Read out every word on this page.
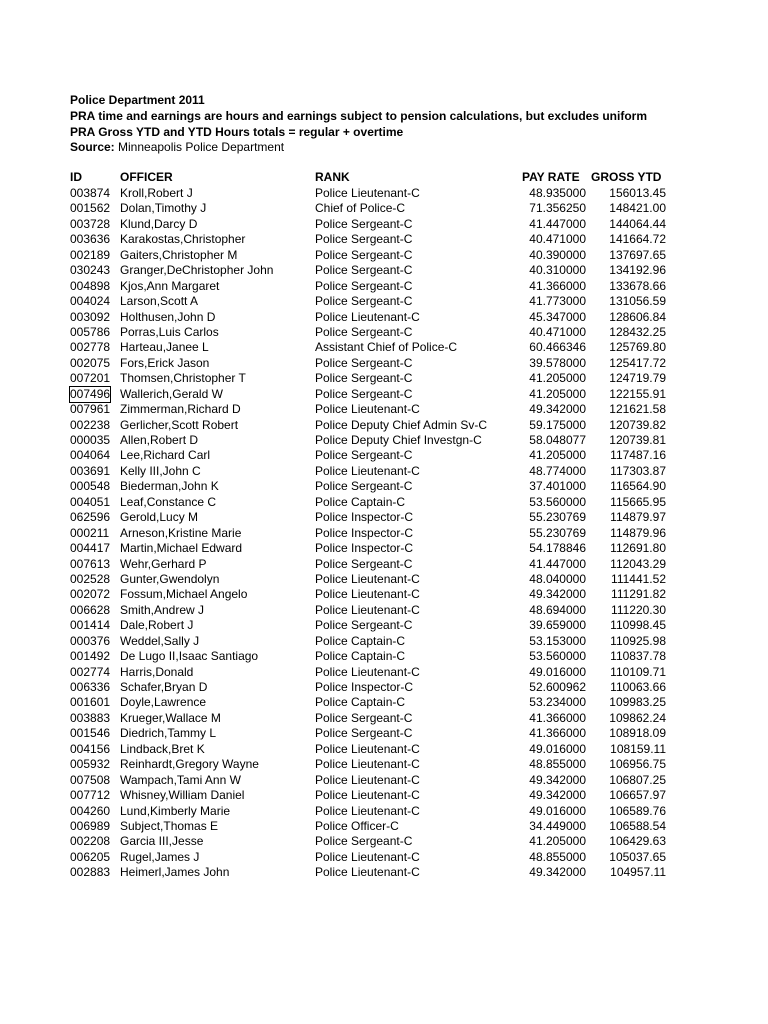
Police Department 2011
PRA time and earnings are hours and earnings subject to pension calculations, but excludes uniform
PRA Gross YTD and YTD Hours totals = regular + overtime
Source: Minneapolis Police Department
ID	OFFICER	RANK	PAY RATE GROSS YTD
003874 Kroll,Robert J	Police Lieutenant-C	48.935000	156013.45
001562 Dolan,Timothy J	Chief of Police-C	71.356250	148421.00
003728 Klund,Darcy D	Police Sergeant-C	41.447000	144064.44
003636 Karakostas,Christopher	Police Sergeant-C	40.471000	141664.72
002189 Gaiters,Christopher M	Police Sergeant-C	40.390000	137697.65
030243 Granger,DeChristopher John	Police Sergeant-C	40.310000	134192.96
004898 Kjos,Ann Margaret	Police Sergeant-C	41.366000	133678.66
004024 Larson,Scott A	Police Sergeant-C	41.773000	131056.59
003092 Holthusen,John D	Police Lieutenant-C	45.347000	128606.84
005786 Porras,Luis Carlos	Police Sergeant-C	40.471000	128432.25
002778 Harteau,Janee L	Assistant Chief of Police-C	60.466346	125769.80
002075 Fors,Erick Jason	Police Sergeant-C	39.578000	125417.72
007201 Thomsen,Christopher T	Police Sergeant-C	41.205000	124719.79
007496 Wallerich,Gerald W	Police Sergeant-C	41.205000	122155.91
007961 Zimmerman,Richard D	Police Lieutenant-C	49.342000	121621.58
002238 Gerlicher,Scott Robert	Police Deputy Chief Admin Sv-C	59.175000	120739.82
000035 Allen,Robert D	Police Deputy Chief Investgn-C	58.048077	120739.81
004064 Lee,Richard Carl	Police Sergeant-C	41.205000	117487.16
003691 Kelly III,John C	Police Lieutenant-C	48.774000	117303.87
000548 Biederman,John K	Police Sergeant-C	37.401000	116564.90
004051 Leaf,Constance C	Police Captain-C	53.560000	115665.95
062596 Gerold,Lucy M	Police Inspector-C	55.230769	114879.97
000211 Arneson,Kristine Marie	Police Inspector-C	55.230769	114879.96
004417 Martin,Michael Edward	Police Inspector-C	54.178846	112691.80
007613 Wehr,Gerhard P	Police Sergeant-C	41.447000	112043.29
002528 Gunter,Gwendolyn	Police Lieutenant-C	48.040000	111441.52
002072 Fossum,Michael Angelo	Police Lieutenant-C	49.342000	111291.82
006628 Smith,Andrew J	Police Lieutenant-C	48.694000	111220.30
001414 Dale,Robert J	Police Sergeant-C	39.659000	110998.45
000376 Weddel,Sally J	Police Captain-C	53.153000	110925.98
001492 De Lugo II,Isaac Santiago	Police Captain-C	53.560000	110837.78
002774 Harris,Donald	Police Lieutenant-C	49.016000	110109.71
006336 Schafer,Bryan D	Police Inspector-C	52.600962	110063.66
001601 Doyle,Lawrence	Police Captain-C	53.234000	109983.25
003883 Krueger,Wallace M	Police Sergeant-C	41.366000	109862.24
001546 Diedrich,Tammy L	Police Sergeant-C	41.366000	108918.09
004156 Lindback,Bret K	Police Lieutenant-C	49.016000	108159.11
005932 Reinhardt,Gregory Wayne	Police Lieutenant-C	48.855000	106956.75
007508 Wampach,Tami Ann W	Police Lieutenant-C	49.342000	106807.25
007712 Whisney,William Daniel	Police Lieutenant-C	49.342000	106657.97
004260 Lund,Kimberly Marie	Police Lieutenant-C	49.016000	106589.76
006989 Subject,Thomas E	Police Officer-C	34.449000	106588.54
002208 Garcia III,Jesse	Police Sergeant-C	41.205000	106429.63
006205 Rugel,James J	Police Lieutenant-C	48.855000	105037.65
002883 Heimerl,James John	Police Lieutenant-C	49.342000	104957.11
